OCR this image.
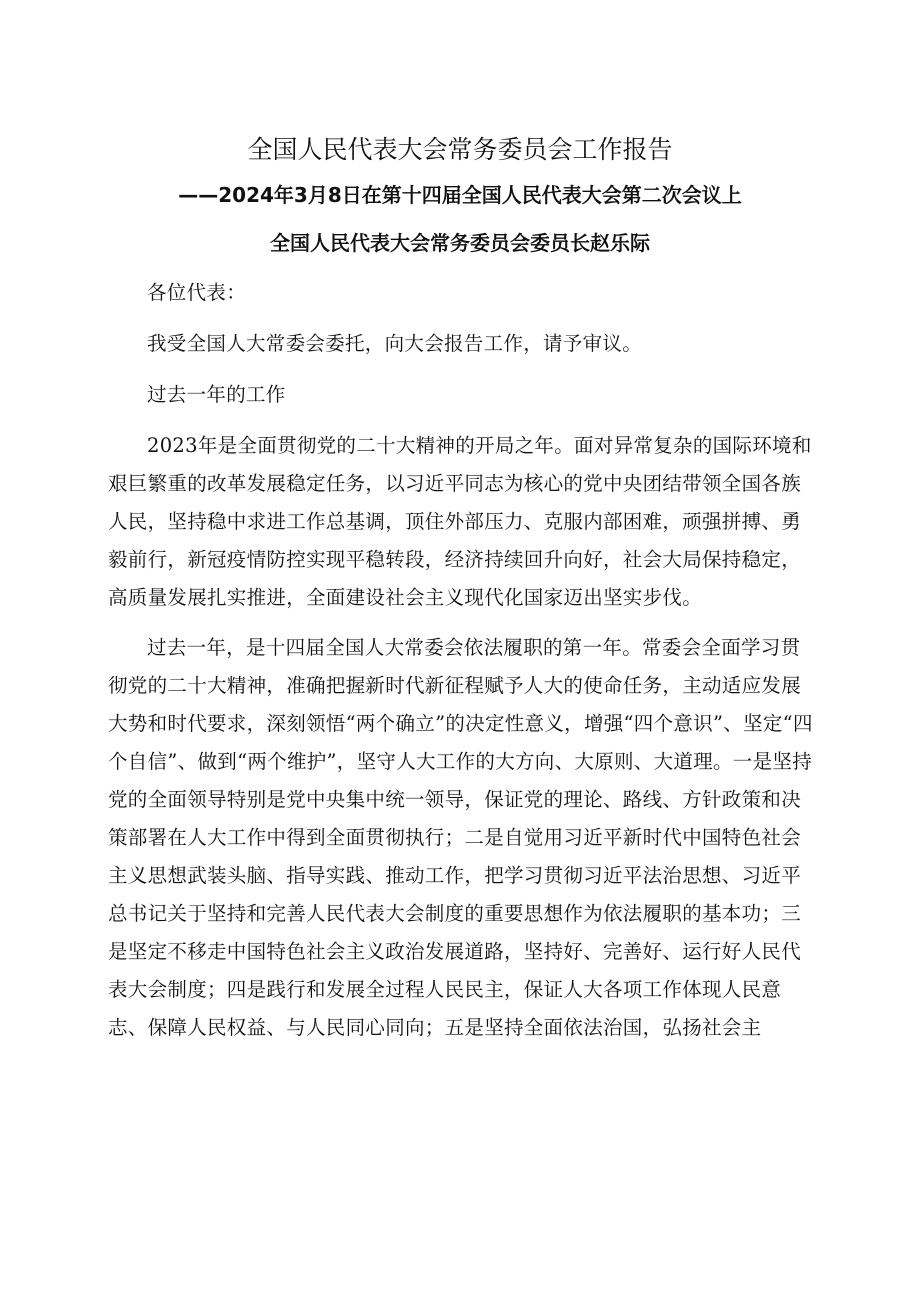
全国人民代表大会常务委员会工作报告
——2024年3月8日在第十四届全国人民代表大会第二次会议上
全国人民代表大会常务委员会委员长赵乐际

各位代表：

我受全国人大常委会委托，向大会报告工作，请予审议。

过去一年的工作

2023年是全面贯彻党的二十大精神的开局之年。面对异常复杂的国际环境和艰巨繁重的改革发展稳定任务，以习近平同志为核心的党中央团结带领全国各族人民，坚持稳中求进工作总基调，顶住外部压力、克服内部困难，顽强拼搏、勇毅前行，新冠疫情防控实现平稳转段，经济持续回升向好，社会大局保持稳定，高质量发展扎实推进，全面建设社会主义现代化国家迈出坚实步伐。

过去一年，是十四届全国人大常委会依法履职的第一年。常委会全面学习贯彻党的二十大精神，准确把握新时代新征程赋予人大的使命任务，主动适应发展大势和时代要求，深刻领悟“两个确立”的决定性意义，增强“四个意识”、坚定“四个自信”、做到“两个维护”，坚守人大工作的大方向、大原则、大道理。一是坚持党的全面领导特别是党中央集中统一领导，保证党的理论、路线、方针政策和决策部署在人大工作中得到全面贯彻执行；二是自觉用习近平新时代中国特色社会主义思想武装头脑、指导实践、推动工作，把学习贯彻习近平法治思想、习近平总书记关于坚持和完善人民代表大会制度的重要思想作为依法履职的基本功；三是坚定不移走中国特色社会主义政治发展道路，坚持好、完善好、运行好人民代表大会制度；四是践行和发展全过程人民民主，保证人大各项工作体现人民意志、保障人民权益、与人民同心同向；五是坚持全面依法治国，弘扬社会主
